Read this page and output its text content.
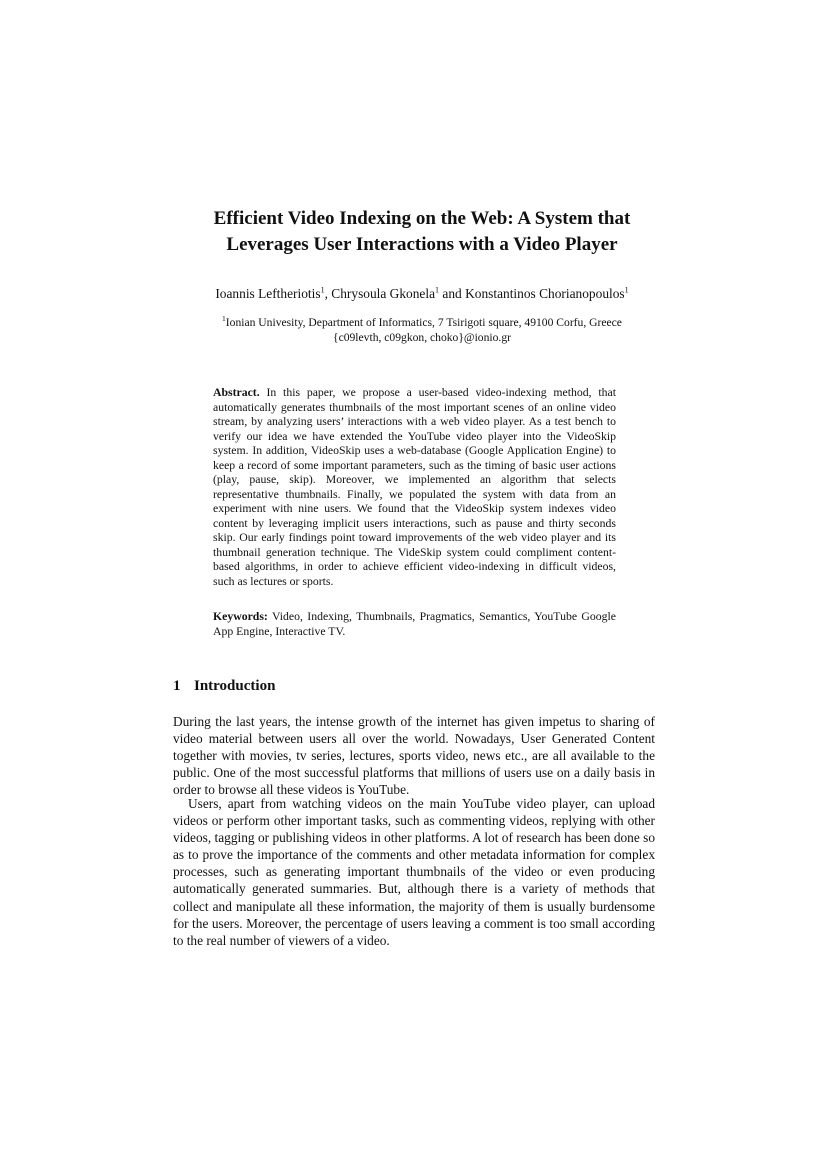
Efficient Video Indexing on the Web: A System that
Leverages User Interactions with a Video Player
Ioannis Leftheriotis$^1$, Chrysoula Gkonela$^1$ and Konstantinos Chorianopoulos$^1$
$^1$Ionian Univesity, Department of Informatics, 7 Tsirigoti square, 49100 Corfu, Greece
{c09levth, c09gkon, choko}@ionio.gr

Abstract. In this paper, we propose a user-based video-indexing method, that automatically generates thumbnails of the most important scenes of an online video stream, by analyzing users’ interactions with a web video player. As a test bench to verify our idea we have extended the YouTube video player into the VideoSkip system. In addition, VideoSkip uses a web-database (Google Application Engine) to keep a record of some important parameters, such as the timing of basic user actions (play, pause, skip). Moreover, we implemented an algorithm that selects representative thumbnails. Finally, we populated the system with data from an experiment with nine users. We found that the VideoSkip system indexes video content by leveraging implicit users interactions, such as pause and thirty seconds skip. Our early findings point toward improvements of the web video player and its thumbnail generation technique. The VideSkip system could compliment content-based algorithms, in order to achieve efficient video-indexing in difficult videos, such as lectures or sports.

Keywords: Video, Indexing, Thumbnails, Pragmatics, Semantics, YouTube Google App Engine, Interactive TV.

1 Introduction

During the last years, the intense growth of the internet has given impetus to sharing of video material between users all over the world. Nowadays, User Generated Content together with movies, tv series, lectures, sports video, news etc., are all available to the public. One of the most successful platforms that millions of users use on a daily basis in order to browse all these videos is YouTube.

Users, apart from watching videos on the main YouTube video player, can upload videos or perform other important tasks, such as commenting videos, replying with other videos, tagging or publishing videos in other platforms. A lot of research has been done so as to prove the importance of the comments and other metadata information for complex processes, such as generating important thumbnails of the video or even producing automatically generated summaries. But, although there is a variety of methods that collect and manipulate all these information, the majority of them is usually burdensome for the users. Moreover, the percentage of users leaving a comment is too small according to the real number of viewers of a video.
